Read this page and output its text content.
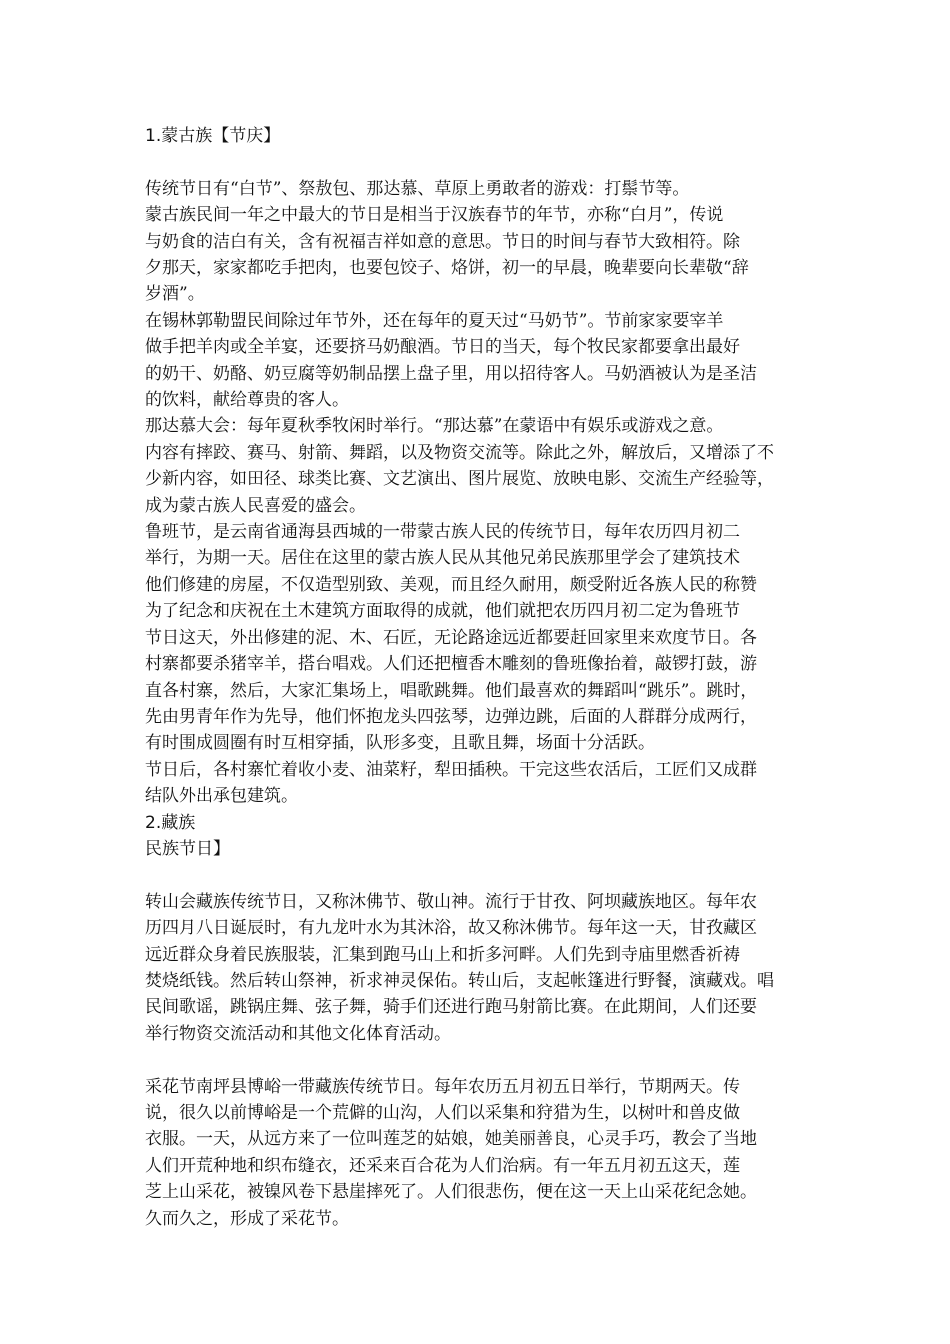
1.蒙古族【节庆】
传统节日有“白节”、祭敖包、那达慕、草原上勇敢者的游戏：打鬃节等。
蒙古族民间一年之中最大的节日是相当于汉族春节的年节，亦称“白月”，传说
与奶食的洁白有关，含有祝福吉祥如意的意思。节日的时间与春节大致相符。除
夕那天，家家都吃手把肉，也要包饺子、烙饼，初一的早晨，晚辈要向长辈敬“辞
岁酒”。
在锡林郭勒盟民间除过年节外，还在每年的夏天过“马奶节”。节前家家要宰羊
做手把羊肉或全羊宴，还要挤马奶酿酒。节日的当天，每个牧民家都要拿出最好
的奶干、奶酪、奶豆腐等奶制品摆上盘子里，用以招待客人。马奶酒被认为是圣洁
的饮料，献给尊贵的客人。
那达慕大会：每年夏秋季牧闲时举行。“那达慕”在蒙语中有娱乐或游戏之意。
内容有摔跤、赛马、射箭、舞蹈，以及物资交流等。除此之外，解放后，又增添了不
少新内容，如田径、球类比赛、文艺演出、图片展览、放映电影、交流生产经验等，
成为蒙古族人民喜爱的盛会。
鲁班节，是云南省通海县西城的一带蒙古族人民的传统节日，每年农历四月初二
举行，为期一天。居住在这里的蒙古族人民从其他兄弟民族那里学会了建筑技术
他们修建的房屋，不仅造型别致、美观，而且经久耐用，颇受附近各族人民的称赞
为了纪念和庆祝在土木建筑方面取得的成就，他们就把农历四月初二定为鲁班节
节日这天，外出修建的泥、木、石匠，无论路途远近都要赶回家里来欢度节日。各
村寨都要杀猪宰羊，搭台唱戏。人们还把檀香木雕刻的鲁班像抬着，敲锣打鼓，游
直各村寨，然后，大家汇集场上，唱歌跳舞。他们最喜欢的舞蹈叫“跳乐”。跳时，
先由男青年作为先导，他们怀抱龙头四弦琴，边弹边跳，后面的人群群分成两行，
有时围成圆圈有时互相穿插，队形多变，且歌且舞，场面十分活跃。
节日后，各村寨忙着收小麦、油菜籽，犁田插秧。干完这些农活后，工匠们又成群
结队外出承包建筑。
2.藏族
民族节日】
转山会藏族传统节日，又称沐佛节、敬山神。流行于甘孜、阿坝藏族地区。每年农
历四月八日诞辰时，有九龙叶水为其沐浴，故又称沐佛节。每年这一天，甘孜藏区
远近群众身着民族服装，汇集到跑马山上和折多河畔。人们先到寺庙里燃香祈祷
焚烧纸钱。然后转山祭神，祈求神灵保佑。转山后，支起帐篷进行野餐，演藏戏。唱
民间歌谣，跳锅庄舞、弦子舞，骑手们还进行跑马射箭比赛。在此期间，人们还要
举行物资交流活动和其他文化体育活动。
采花节南坪县博峪一带藏族传统节日。每年农历五月初五日举行，节期两天。传
说，很久以前博峪是一个荒僻的山沟，人们以采集和狩猎为生，以树叶和兽皮做
衣服。一天，从远方来了一位叫莲芝的姑娘，她美丽善良，心灵手巧，教会了当地
人们开荒种地和织布缝衣，还采来百合花为人们治病。有一年五月初五这天，莲
芝上山采花，被镍风卷下悬崖摔死了。人们很悲伤，便在这一天上山采花纪念她。
久而久之，形成了采花节。
